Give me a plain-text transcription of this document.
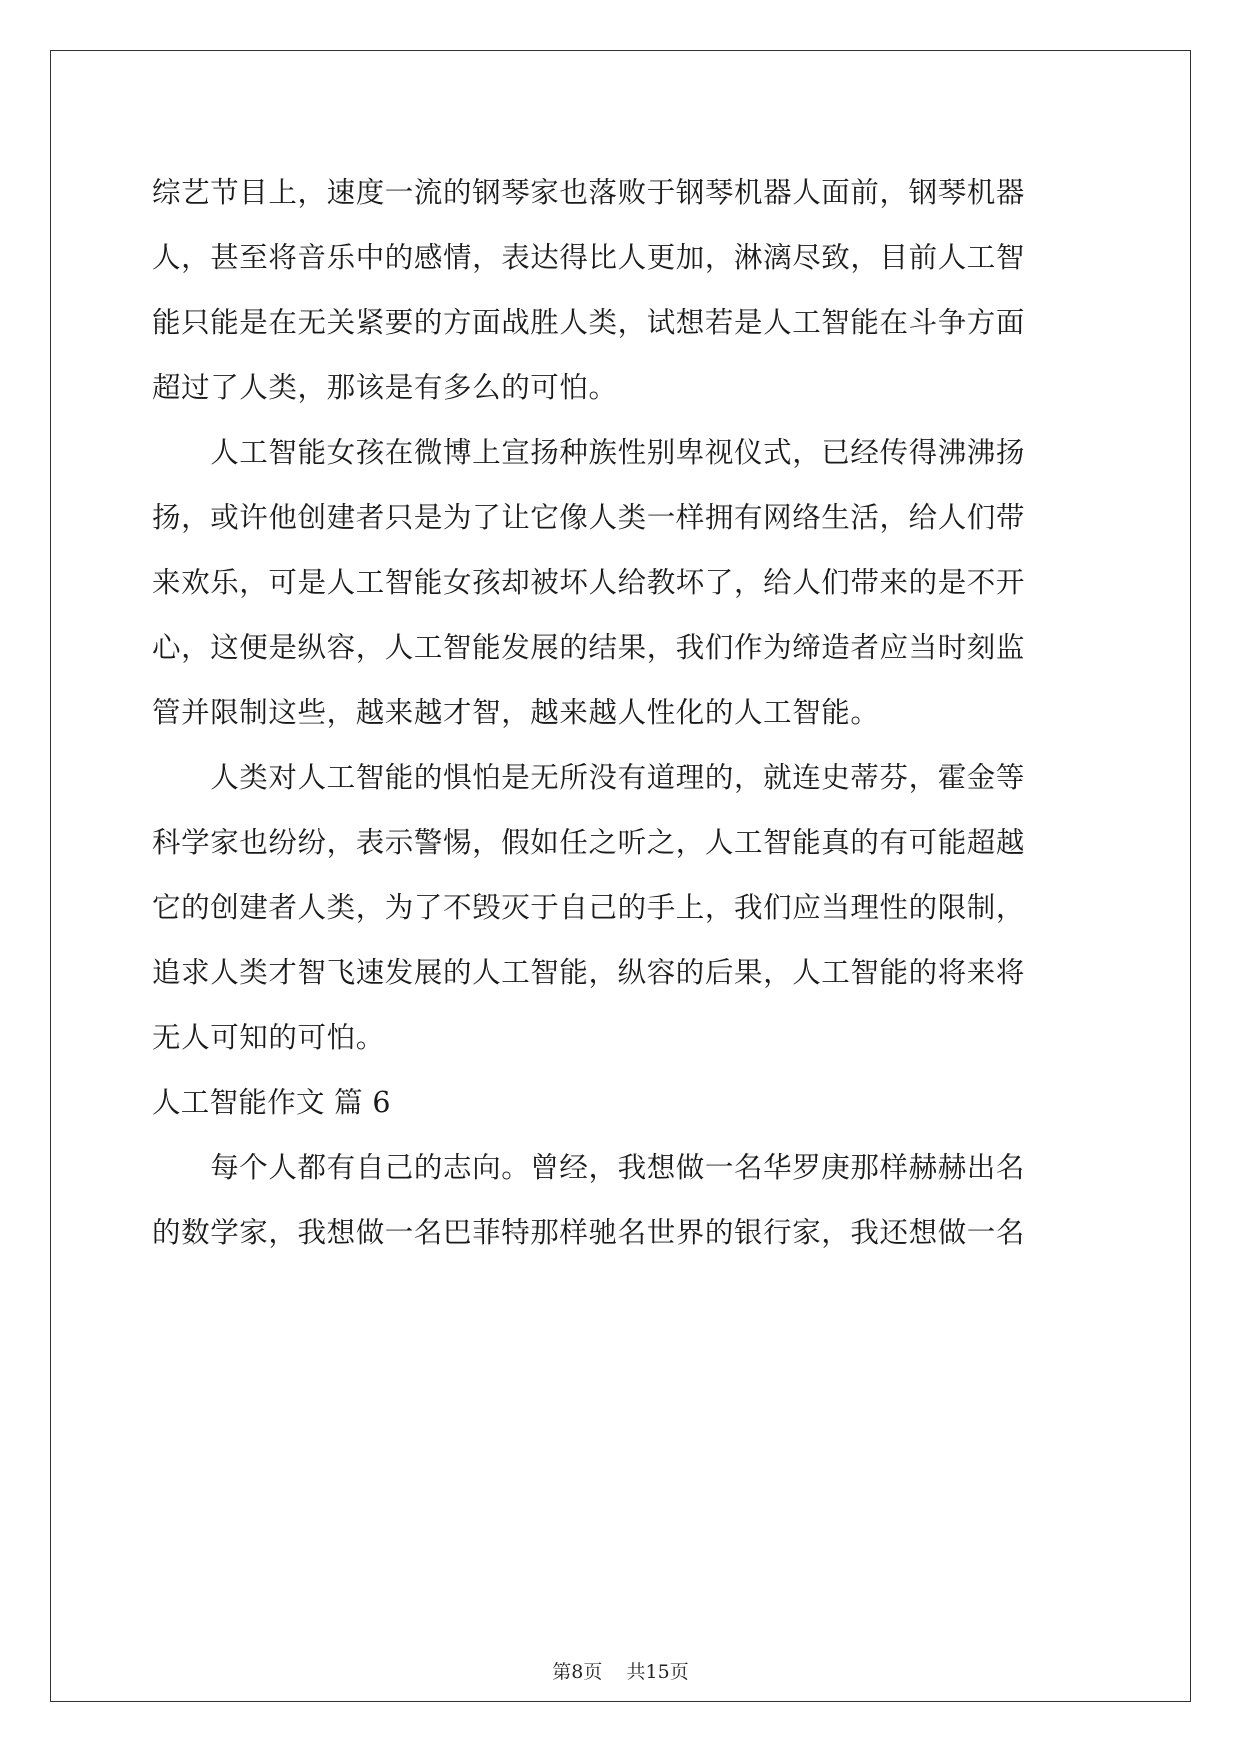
综艺节目上，速度一流的钢琴家也落败于钢琴机器人面前，钢琴机器
人，甚至将音乐中的感情，表达得比人更加，淋漓尽致，目前人工智
能只能是在无关紧要的方面战胜人类，试想若是人工智能在斗争方面
超过了人类，那该是有多么的可怕。
　　人工智能女孩在微博上宣扬种族性别卑视仪式，已经传得沸沸扬
扬，或许他创建者只是为了让它像人类一样拥有网络生活，给人们带
来欢乐，可是人工智能女孩却被坏人给教坏了，给人们带来的是不开
心，这便是纵容，人工智能发展的结果，我们作为缔造者应当时刻监
管并限制这些，越来越才智，越来越人性化的人工智能。
　　人类对人工智能的惧怕是无所没有道理的，就连史蒂芬，霍金等
科学家也纷纷，表示警惕，假如任之听之，人工智能真的有可能超越
它的创建者人类，为了不毁灭于自己的手上，我们应当理性的限制，
追求人类才智飞速发展的人工智能，纵容的后果，人工智能的将来将
无人可知的可怕。
人工智能作文 篇 6
　　每个人都有自己的志向。曾经，我想做一名华罗庚那样赫赫出名
的数学家，我想做一名巴菲特那样驰名世界的银行家，我还想做一名
第8页    共15页
